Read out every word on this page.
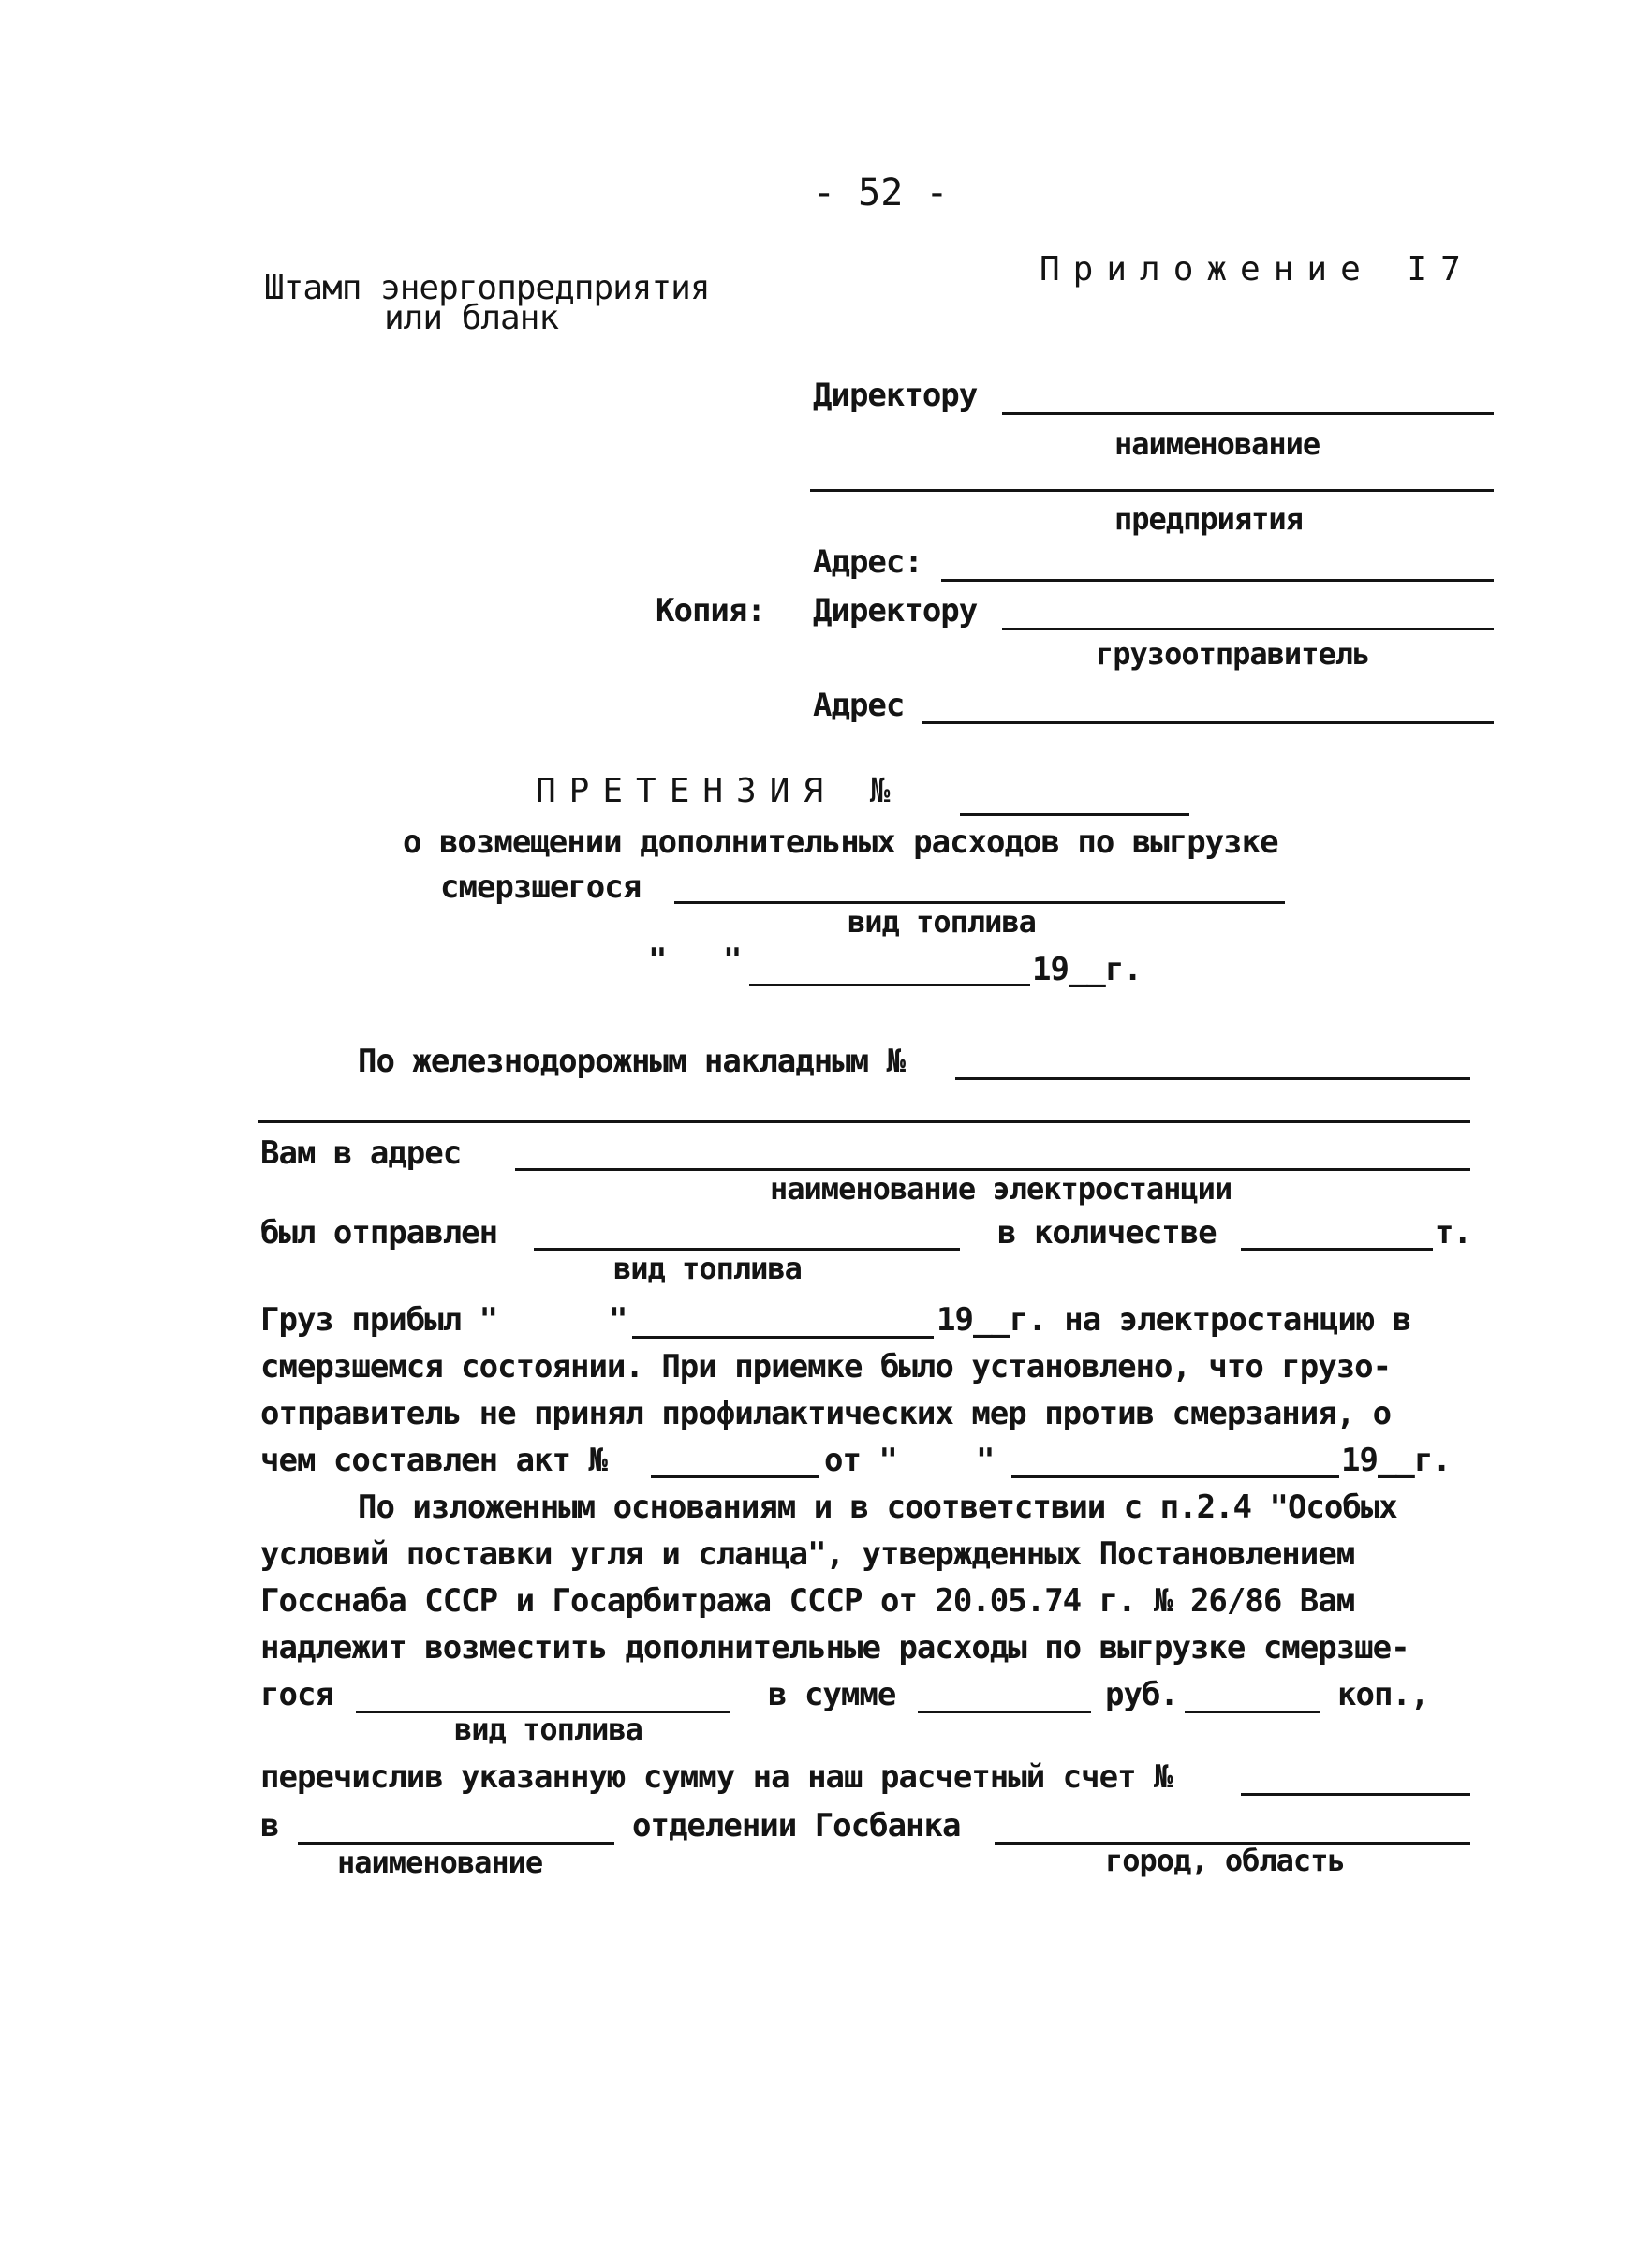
- 52 -
Штамп энергопредприятия
или бланк
Приложение I7
Директору
наименование
предприятия
Адрес:
Копия: Директору
грузоотправитель
Адрес
ПРЕТЕНЗИЯ №
о возмещении дополнительных расходов по выгрузке
смерзшегося
вид топлива
" "	19__г.
По железнодорожным накладным №
Вам в адрес
наименование электростанции
был отправлен	в количестве	т.
вид топлива
Груз прибыл "	"	19__г. на электростанцию в
смерзшемся состоянии. При приемке было установлено, что грузо-
отправитель не принял профилактических мер против смерзания, о
чем составлен акт №	от " "	19__г.
По изложенным основаниям и в соответствии с п.2.4 "Особых
условий поставки угля и сланца", утвержденных Постановлением
Госснаба СССР и Госарбитража СССР от 20.05.74 г. № 26/86 Вам
надлежит возместить дополнительные расходы по выгрузке смерзше-
гося	в сумме	руб.	коп.,
вид топлива
перечислив указанную сумму на наш расчетный счет №
в	отделении Госбанка
наименование	город, область
